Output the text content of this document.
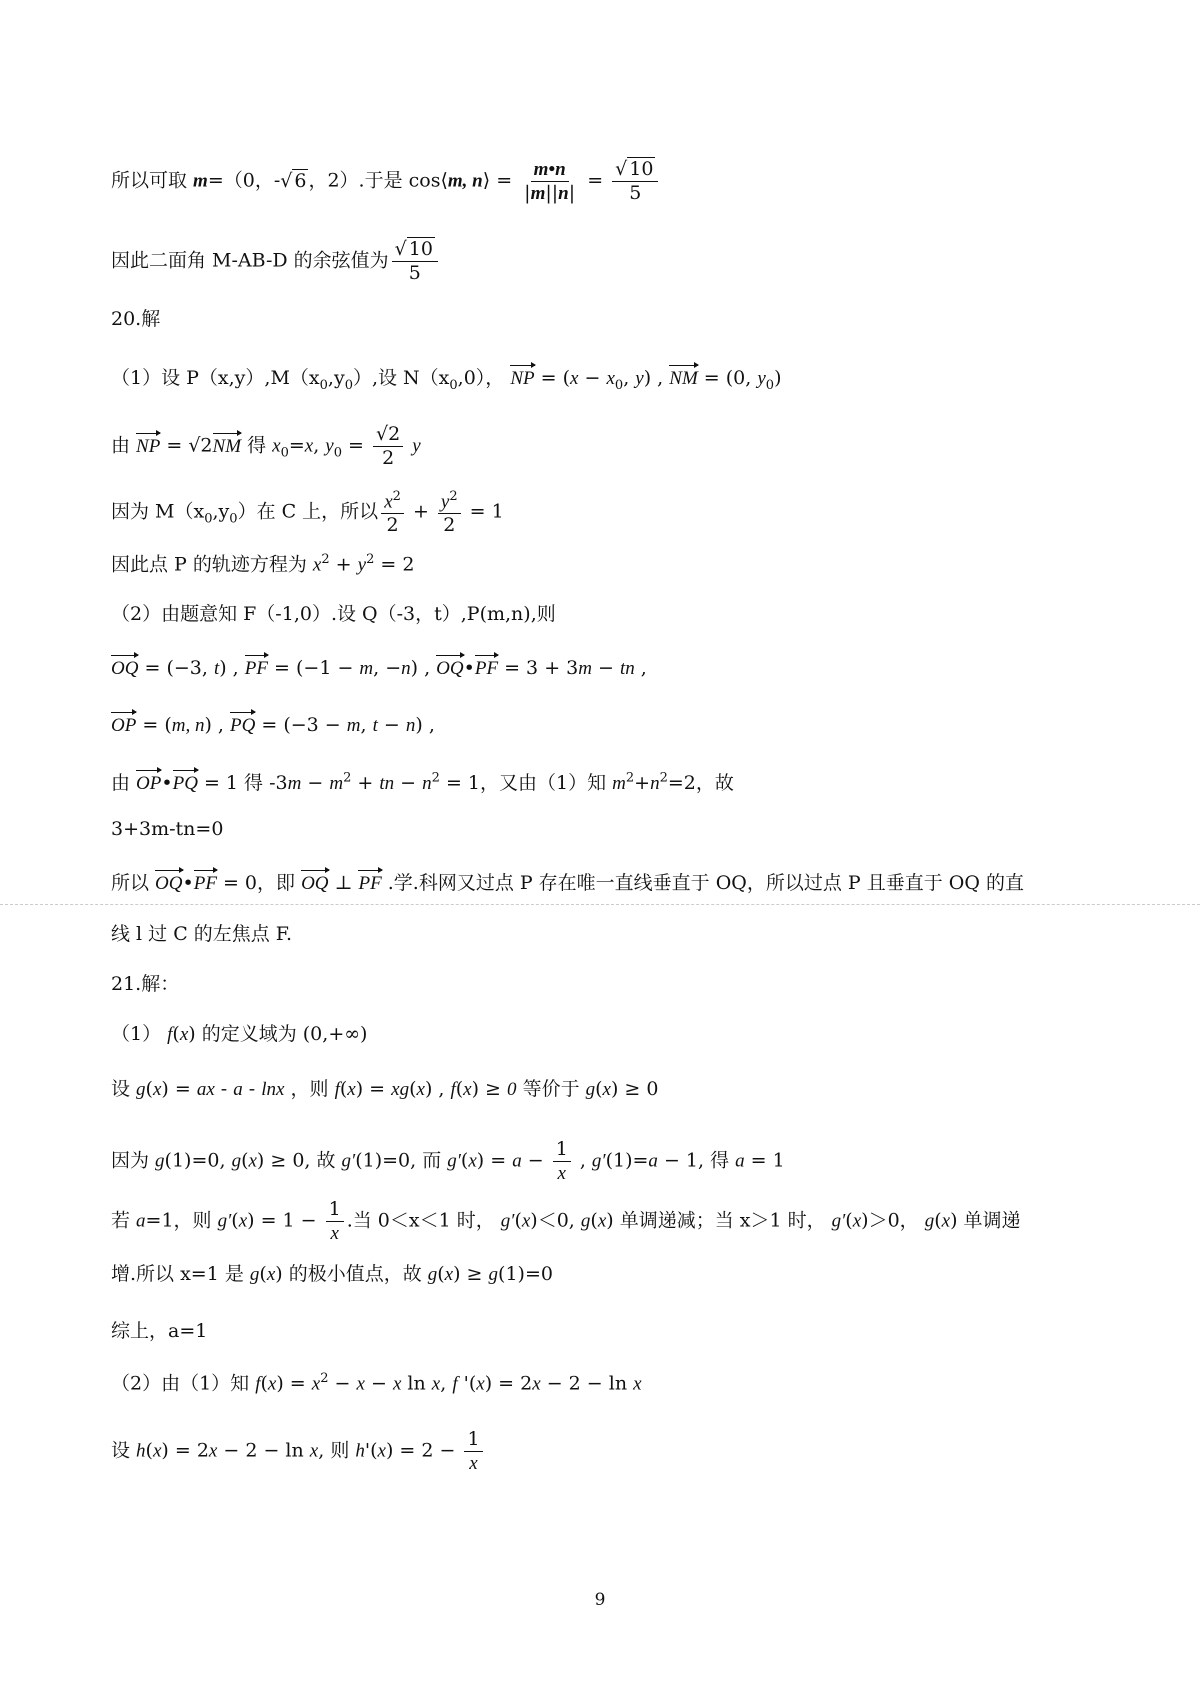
所以可取 m=（0，-√ 6 ，2）.于是 cos⟨m, n⟩ = $\frac{m•n}{|m||n|} = \frac{√ 10}{5}$
因此二面角 M-AB-D 的余弦值为 $\frac{√ 10}{5}$
20.解
（1）设 $P(x,y),M(x_0,y_0)$,设 $N(x_0,0)$， NP = ($x - x_0$, y) , NM = (0, $y_0$)
由 NP = √2NM 得 $x_0=x$, $y_0 = \frac{√2}{2}$ y
因为 $M(x_0,y_0)$在 C 上，所以 $\frac{x^2}{2} + \frac{y^2}{2} = 1$
因此点 P 的轨迹方程为 $x^2 + y^2 = 2$
（2）由题意知 F（-1,0）.设 Q（-3，t）,P(m,n),则
OQ = (−3, t) , PF = (−1 − m, −n) , OQ•PF = 3 + 3m − tn ,
OP = (m, n) , PQ = (−3 − m, t − n) ,
由 OP•PQ = 1 得 $-3m - m^2$ + tn − $n^2 = 1$，又由（1）知 $m^2+n^2=2$，故
3+3m-tn=0
所以 OQ•PF = 0，即 OQ ⊥ PF .学.科网又过点 P 存在唯一直线垂直于 OQ，所以过点 P 且垂直于 OQ 的直
线 l 过 C 的左焦点 F.
21.解：
（1） f(x) 的定义域为 (0,+∞)
设 g(x) = ax - a - lnx ，则 f(x) = xg(x) , f(x) ≥ 0 等价于 g(x) ≥ 0
因为 g(1)=0, g(x) ≥ 0, 故 g′(1)=0, 而 $g'(x) = a - \frac{1}{x}$ , g′(1)=a − 1, 得 a = 1
若 a=1，则 $g'(x) = 1 - \frac{1}{x}$ .当 0＜x＜1 时， g′(x)＜0, g(x) 单调递减；当 x＞1 时， g′(x)＞0， g(x) 单调递
增.所以 x=1 是 g(x) 的极小值点，故 g(x) ≥ g(1)=0
综上，a=1
（2）由（1）知 $f(x) = x^2 - x - x$ ln x, f '(x) = 2x − 2 − ln x
设 h(x) = 2x − 2 − ln x, 则 $h'(x) = 2 - \frac{1}{x}$
9
